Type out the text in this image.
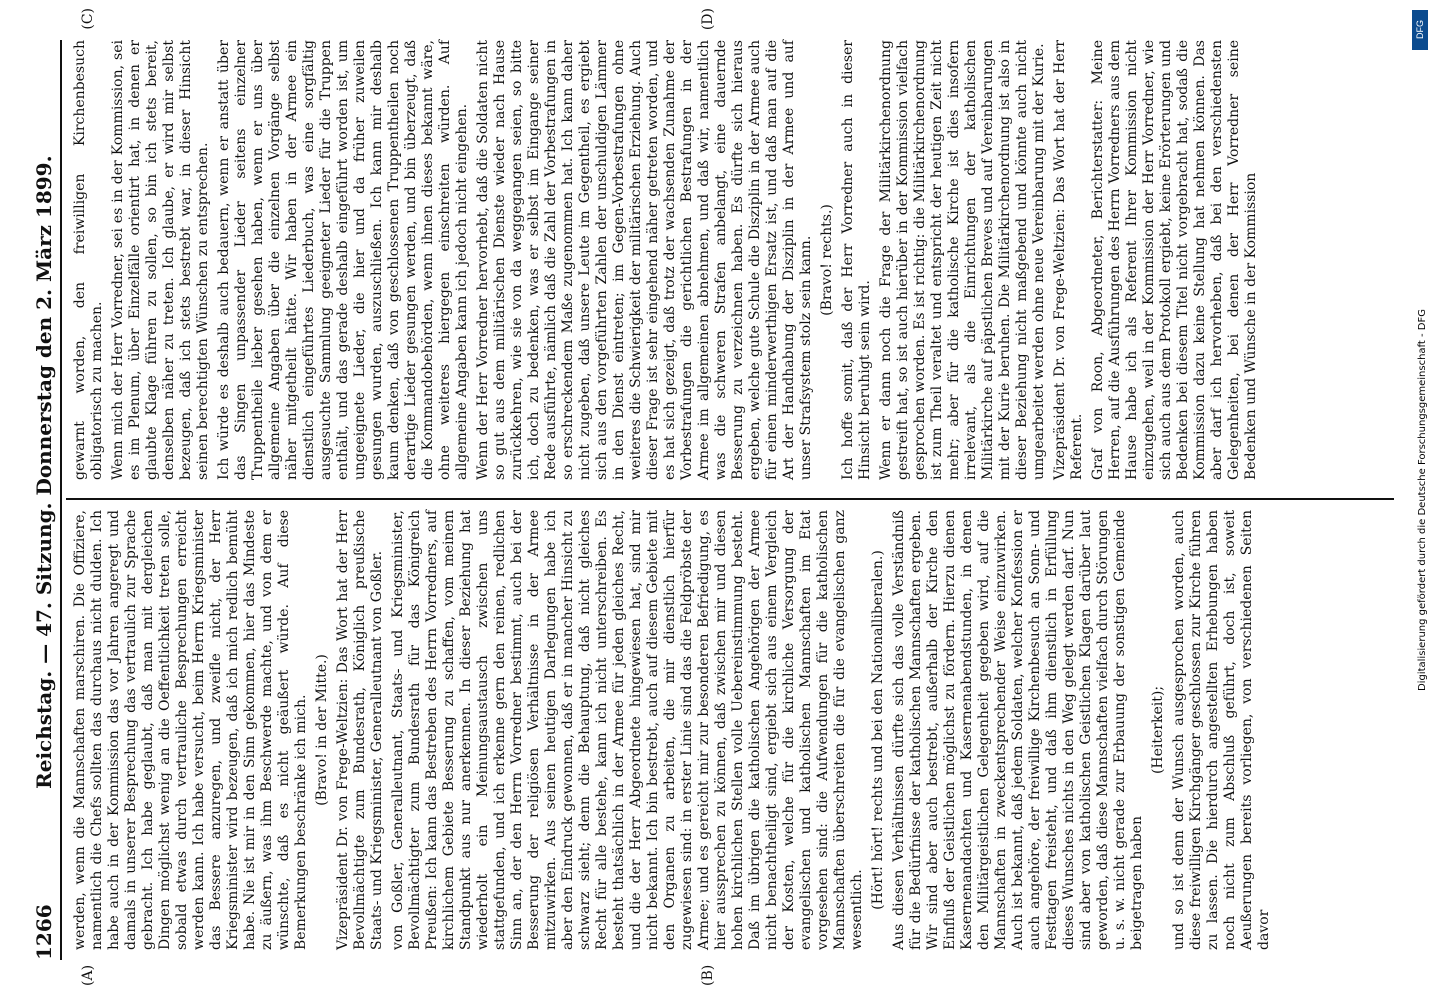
1266
Reichstag. — 47. Sitzung. Donnerstag den 2. März 1899.
(A)	(B)
(C)	(D)

werden, wenn die Mannschaften marschiren. Die Offiziere, namentlich die Chefs sollten das durchaus nicht dulden. Ich habe auch in der Kommission das vor Jahren angeregt und damals in unserer Besprechung das vertraulich zur Sprache gebracht. Ich habe geglaubt, daß man mit dergleichen Dingen möglichst wenig an die Oeffentlichkeit treten solle, sobald etwas durch vertrauliche Besprechungen erreicht werden kann. Ich habe versucht, beim Herrn Kriegsminister das Bessere anzuregen, und zweifle nicht, der Herr Kriegsminister wird bezeugen, daß ich mich redlich bemüht habe. Nie ist mir in den Sinn gekommen, hier das Mindeste zu äußern, was ihm Beschwerde machte, und von dem er wünschte, daß es nicht geäußert würde. Auf diese Bemerkungen beschränke ich mich. (Bravo! in der Mitte.) Vizepräsident Dr. von Frege-Weltzien: Das Wort hat der Herr Bevollmächtigte zum Bundesrath, Königlich preußische Staats- und Kriegsminister, Generalleutnant von Goßler. von Goßler, Generalleutnant, Staats- und Kriegsminister, Bevollmächtigter zum Bundesrath für das Königreich Preußen: Ich kann das Bestreben des Herrn Vorredners, auf kirchlichem Gebiete Besserung zu schaffen, vom meinem Standpunkt aus nur anerkennen. In dieser Beziehung hat wiederholt ein Meinungsaustausch zwischen uns stattgefunden, und ich erkenne gern den reinen, redlichen Sinn an, der den Herrn Vorredner bestimmt, auch bei der Besserung der religiösen Verhältnisse in der Armee mitzuwirken. Aus seinen heutigen Darlegungen habe ich aber den Eindruck gewonnen, daß er in mancher Hinsicht zu schwarz sieht; denn die Behauptung, daß nicht gleiches Recht für alle bestehe, kann ich nicht unterschreiben. Es besteht thatsächlich in der Armee für jeden gleiches Recht, und die der Herr Abgeordnete hingewiesen hat, sind mir nicht bekannt. Ich bin bestrebt, auch auf diesem Gebiete mit den Organen zu arbeiten, die mir dienstlich hierfür zugewiesen sind: in erster Linie sind das die Feldpröbste der Armee; und es gereicht mir zur besonderen Befriedigung, es hier aussprechen zu können, daß zwischen mir und diesen hohen kirchlichen Stellen volle Uebereinstimmung besteht. Daß im übrigen die katholischen Angehörigen der Armee nicht benachtheiligt sind, ergiebt sich aus einem Vergleich der Kosten, welche für die kirchliche Versorgung der evangelischen und katholischen Mannschaften im Etat vorgesehen sind: die Aufwendungen für die katholischen Mannschaften überschreiten die für die evangelischen ganz wesentlich. (Hört! hört! rechts und bei den Nationalliberalen.) Aus diesen Verhältnissen dürfte sich das volle Verständniß für die Bedürfnisse der katholischen Mannschaften ergeben. Wir sind aber auch bestrebt, außerhalb der Kirche den Einfluß der Geistlichen möglichst zu fördern. Hierzu dienen Kasernenandachten und Kasernenabendstunden, in denen den Militärgeistlichen Gelegenheit gegeben wird, auf die Mannschaften in zweckentsprechender Weise einzuwirken. Auch ist bekannt, daß jedem Soldaten, welcher Konfession er auch angehöre, der freiwillige Kirchenbesuch an Sonn- und Festtagen freisteht, und daß ihm dienstlich in Erfüllung dieses Wunsches nichts in den Weg gelegt werden darf. Nun sind aber von katholischen Geistlichen Klagen darüber laut geworden, daß diese Mannschaften vielfach durch Störungen u. s. w. nicht gerade zur Erbauung der sonstigen Gemeinde beigetragen haben

(Heiterkeit); und so ist denn der Wunsch ausgesprochen worden, auch diese freiwilligen Kirchgänger geschlossen zur Kirche führen zu lassen. Die hierdurch angestellten Erhebungen haben noch nicht zum Abschluß geführt, doch ist, soweit Aeußerungen bereits vorliegen, von verschiedenen Seiten davor

gewarnt worden, den freiwilligen Kirchenbesuch obligatorisch zu machen. Wenn mich der Herr Vorredner, sei es in der Kommission, sei es im Plenum, über Einzelfälle orientirt hat, in denen er glaubte Klage führen zu sollen, so bin ich stets bereit, denselben näher zu treten. Ich glaube, er wird mir selbst bezeugen, daß ich stets bestrebt war, in dieser Hinsicht seinen berechtigten Wünschen zu entsprechen. Ich würde es deshalb auch bedauern, wenn er anstatt über das Singen unpassender Lieder seitens einzelner Truppentheile lieber gesehen haben, wenn er uns über allgemeine Angaben über die einzelnen Vorgänge selbst näher mitgetheilt hätte. Wir haben in der Armee ein dienstlich eingeführtes Liederbuch, was eine sorgfältig ausgesuchte Sammlung geeigneter Lieder für die Truppen enthält, und das gerade deshalb eingeführt worden ist, um ungeeignete Lieder, die hier und da früher zuweilen gesungen wurden, auszuschließen. Ich kann mir deshalb kaum denken, daß von geschlossenen Truppentheilen noch derartige Lieder gesungen werden, und bin überzeugt, daß die Kommandobehörden, wenn ihnen dieses bekannt wäre, ohne weiteres hiergegen einschreiten würden. Auf allgemeine Angaben kann ich jedoch nicht eingehen. Wenn der Herr Vorredner hervorhebt, daß die Soldaten nicht so gut aus dem militärischen Dienste wieder nach Hause zurückkehren, wie sie von da weggegangen seien, so bitte ich, doch zu bedenken, was er selbst im Eingange seiner Rede ausführte, nämlich daß die Zahl der Vorbestrafungen in so erschreckendem Maße zugenommen hat. Ich kann daher nicht zugeben, daß unsere Leute im Gegentheil, es ergiebt sich aus den vorgeführten Zahlen der unschuldigen Lämmer in den Dienst eintreten; im Gegen-Vorbestrafungen ohne weiteres die Schwierigkeit der militärischen Erziehung. Auch dieser Frage ist sehr eingehend näher getreten worden, und es hat sich gezeigt, daß trotz der wachsenden Zunahme der Vorbestrafungen die gerichtlichen Bestrafungen in der Armee im allgemeinen abnehmen, und daß wir, namentlich was die schweren Strafen anbelangt, eine dauernde Besserung zu verzeichnen haben. Es dürfte sich hieraus ergeben, welche gute Schule die Disziplin in der Armee auch für einen minderwerthigen Ersatz ist, und daß man auf die Art der Handhabung der Disziplin in der Armee und auf unser Strafsystem stolz sein kann. (Bravo! rechts.) Ich hoffe somit, daß der Herr Vorredner auch in dieser Hinsicht beruhigt sein wird. Wenn er dann noch die Frage der Militärkirchenordnung gestreift hat, so ist auch hierüber in der Kommission vielfach gesprochen worden. Es ist richtig: die Militärkirchenordnung ist zum Theil veraltet und entspricht der heutigen Zeit nicht mehr; aber für die katholische Kirche ist dies insofern irrelevant, als die Einrichtungen der katholischen Militärkirche auf päpstlichen Breves und auf Vereinbarungen mit der Kurie beruhen. Die Militärkirchenordnung ist also in dieser Beziehung nicht maßgebend und könnte auch nicht umgearbeitet werden ohne neue Vereinbarung mit der Kurie. Vizepräsident Dr. von Frege-Weltzien: Das Wort hat der Herr Referent. Graf von Roon, Abgeordneter, Berichterstatter: Meine Herren, auf die Ausführungen des Herrn Vorredners aus dem Hause habe ich als Referent Ihrer Kommission nicht einzugehen, weil in der Kommission der Herr Vorredner, wie sich auch aus dem Protokoll ergiebt, keine Erörterungen und Bedenken bei diesem Titel nicht vorgebracht hat, sodaß die Kommission dazu keine Stellung hat nehmen können. Das aber darf ich hervorheben, daß bei den verschiedensten Gelegenheiten, bei denen der Herr Vorredner seine Bedenken und Wünsche in der Kommission	Digitalisierung gefördert durch die Deutsche Forschungsgemeinschaft - DFG
DFG
